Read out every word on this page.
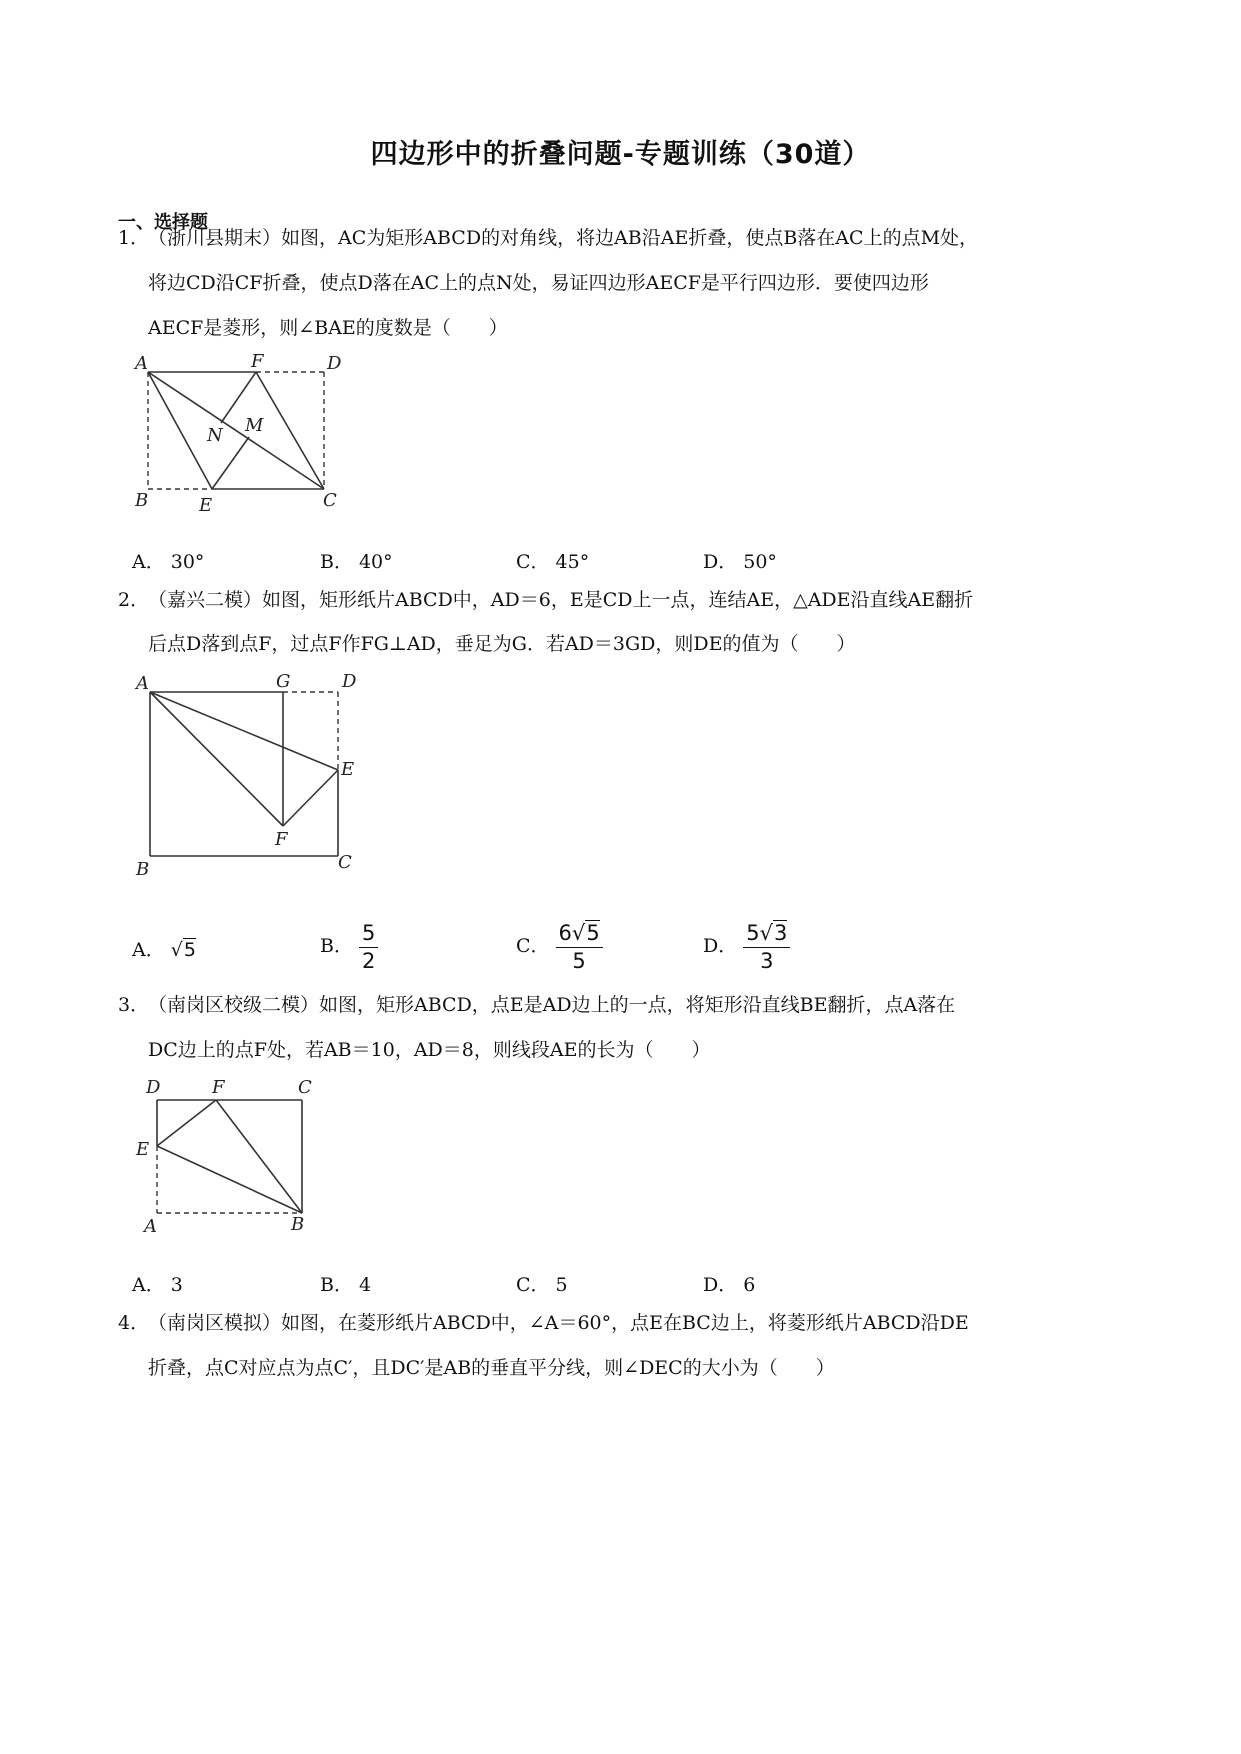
四边形中的折叠问题-专题训练（30道）
一、选择题
1．（浙川县期末）如图，AC为矩形ABCD的对角线，将边AB沿AE折叠，使点B落在AC上的点M处，
将边CD沿CF折叠，使点D落在AC上的点N处，易证四边形AECF是平行四边形．要使四边形
AECF是菱形，则∠BAE的度数是（　　）
A	F	D
N M
B	E	C
A． 30°	B． 40°	C． 45°	D． 50°
2．（嘉兴二模）如图，矩形纸片ABCD中，AD＝6，E是CD上一点，连结AE，△ADE沿直线AE翻折
后点D落到点F，过点F作FG⊥AD，垂足为G．若AD＝3GD，则DE的值为（　　）
A	G	D
E
F
B	C
A． √5	B． $\frac{5}{2}$	C． $\frac{6√5}{5}$	D． $\frac{5√3}{3}$
3．（南岗区校级二模）如图，矩形ABCD，点E是AD边上的一点，将矩形沿直线BE翻折，点A落在
DC边上的点F处，若AB＝10，AD＝8，则线段AE的长为（　　）
D	F	C
E
A	B
A． 3	B． 4	C． 5	D． 6
4．（南岗区模拟）如图，在菱形纸片ABCD中，∠A＝60°，点E在BC边上，将菱形纸片ABCD沿DE
折叠，点C对应点为点C′，且DC′是AB的垂直平分线，则∠DEC的大小为（　　）
